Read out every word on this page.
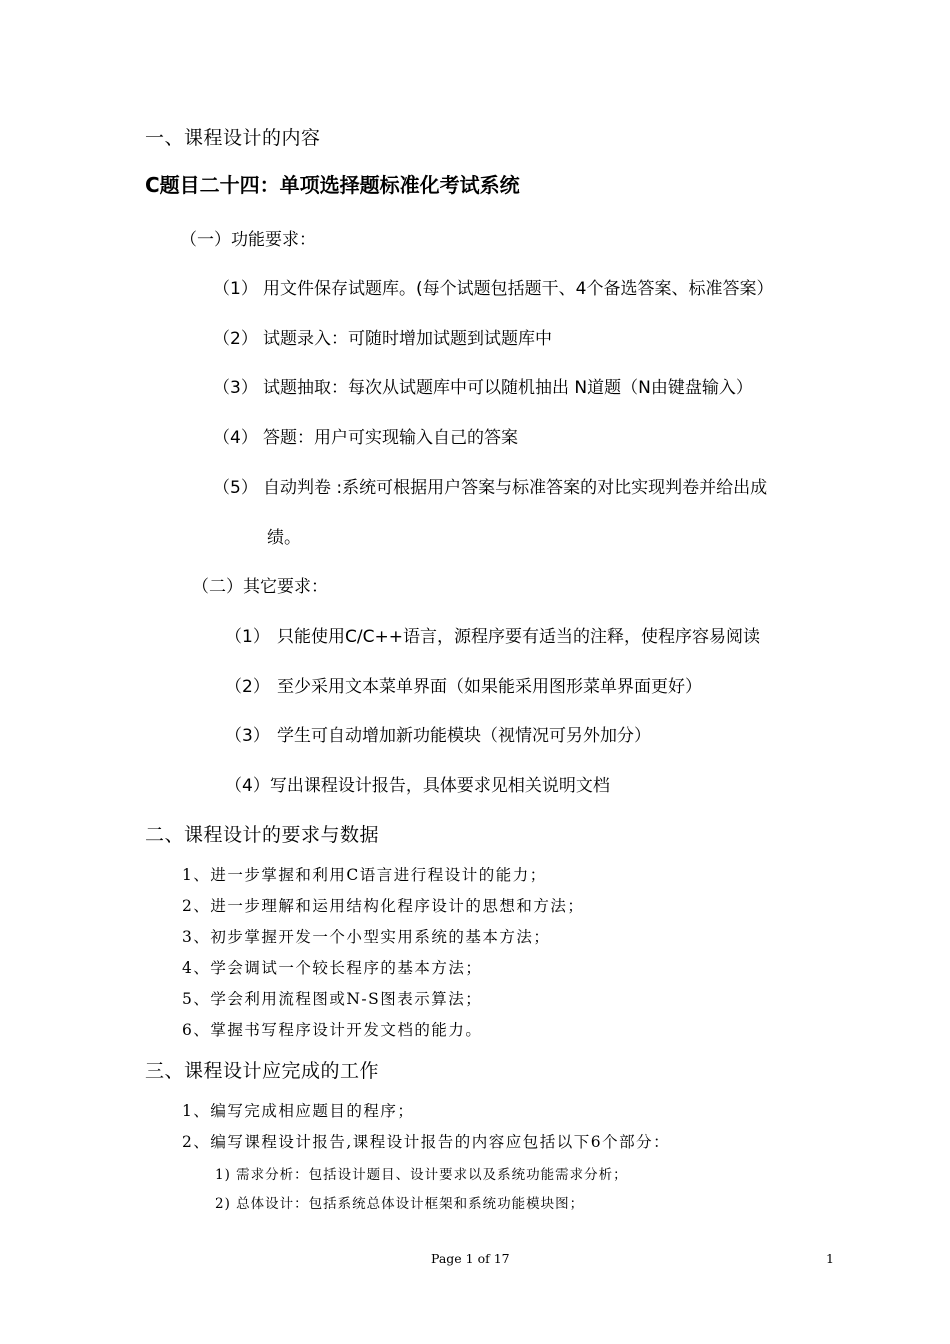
一、课程设计的内容
C题目二十四：单项选择题标准化考试系统
（一）功能要求：
（1） 用文件保存试题库。(每个试题包括题干、4个备选答案、标准答案）
（2） 试题录入：可随时增加试题到试题库中
（3） 试题抽取：每次从试题库中可以随机抽出 N道题（N由键盘输入）
（4） 答题：用户可实现输入自己的答案
（5） 自动判卷 :系统可根据用户答案与标准答案的对比实现判卷并给出成
绩。
（二）其它要求：
（1） 只能使用C/C++语言，源程序要有适当的注释，使程序容易阅读
（2） 至少采用文本菜单界面（如果能采用图形菜单界面更好）
（3） 学生可自动增加新功能模块（视情况可另外加分）
（4）写出课程设计报告，具体要求见相关说明文档
二、课程设计的要求与数据
1、进一步掌握和利用C语言进行程设计的能力；
2、进一步理解和运用结构化程序设计的思想和方法；
3、初步掌握开发一个小型实用系统的基本方法；
4、学会调试一个较长程序的基本方法；
5、学会利用流程图或N-S图表示算法；
6、掌握书写程序设计开发文档的能力。
三、课程设计应完成的工作
1、编写完成相应题目的程序；
2、编写课程设计报告,课程设计报告的内容应包括以下6个部分：
1) 需求分析：包括设计题目、设计要求以及系统功能需求分析；
2) 总体设计：包括系统总体设计框架和系统功能模块图；
Page 1 of 17	1
